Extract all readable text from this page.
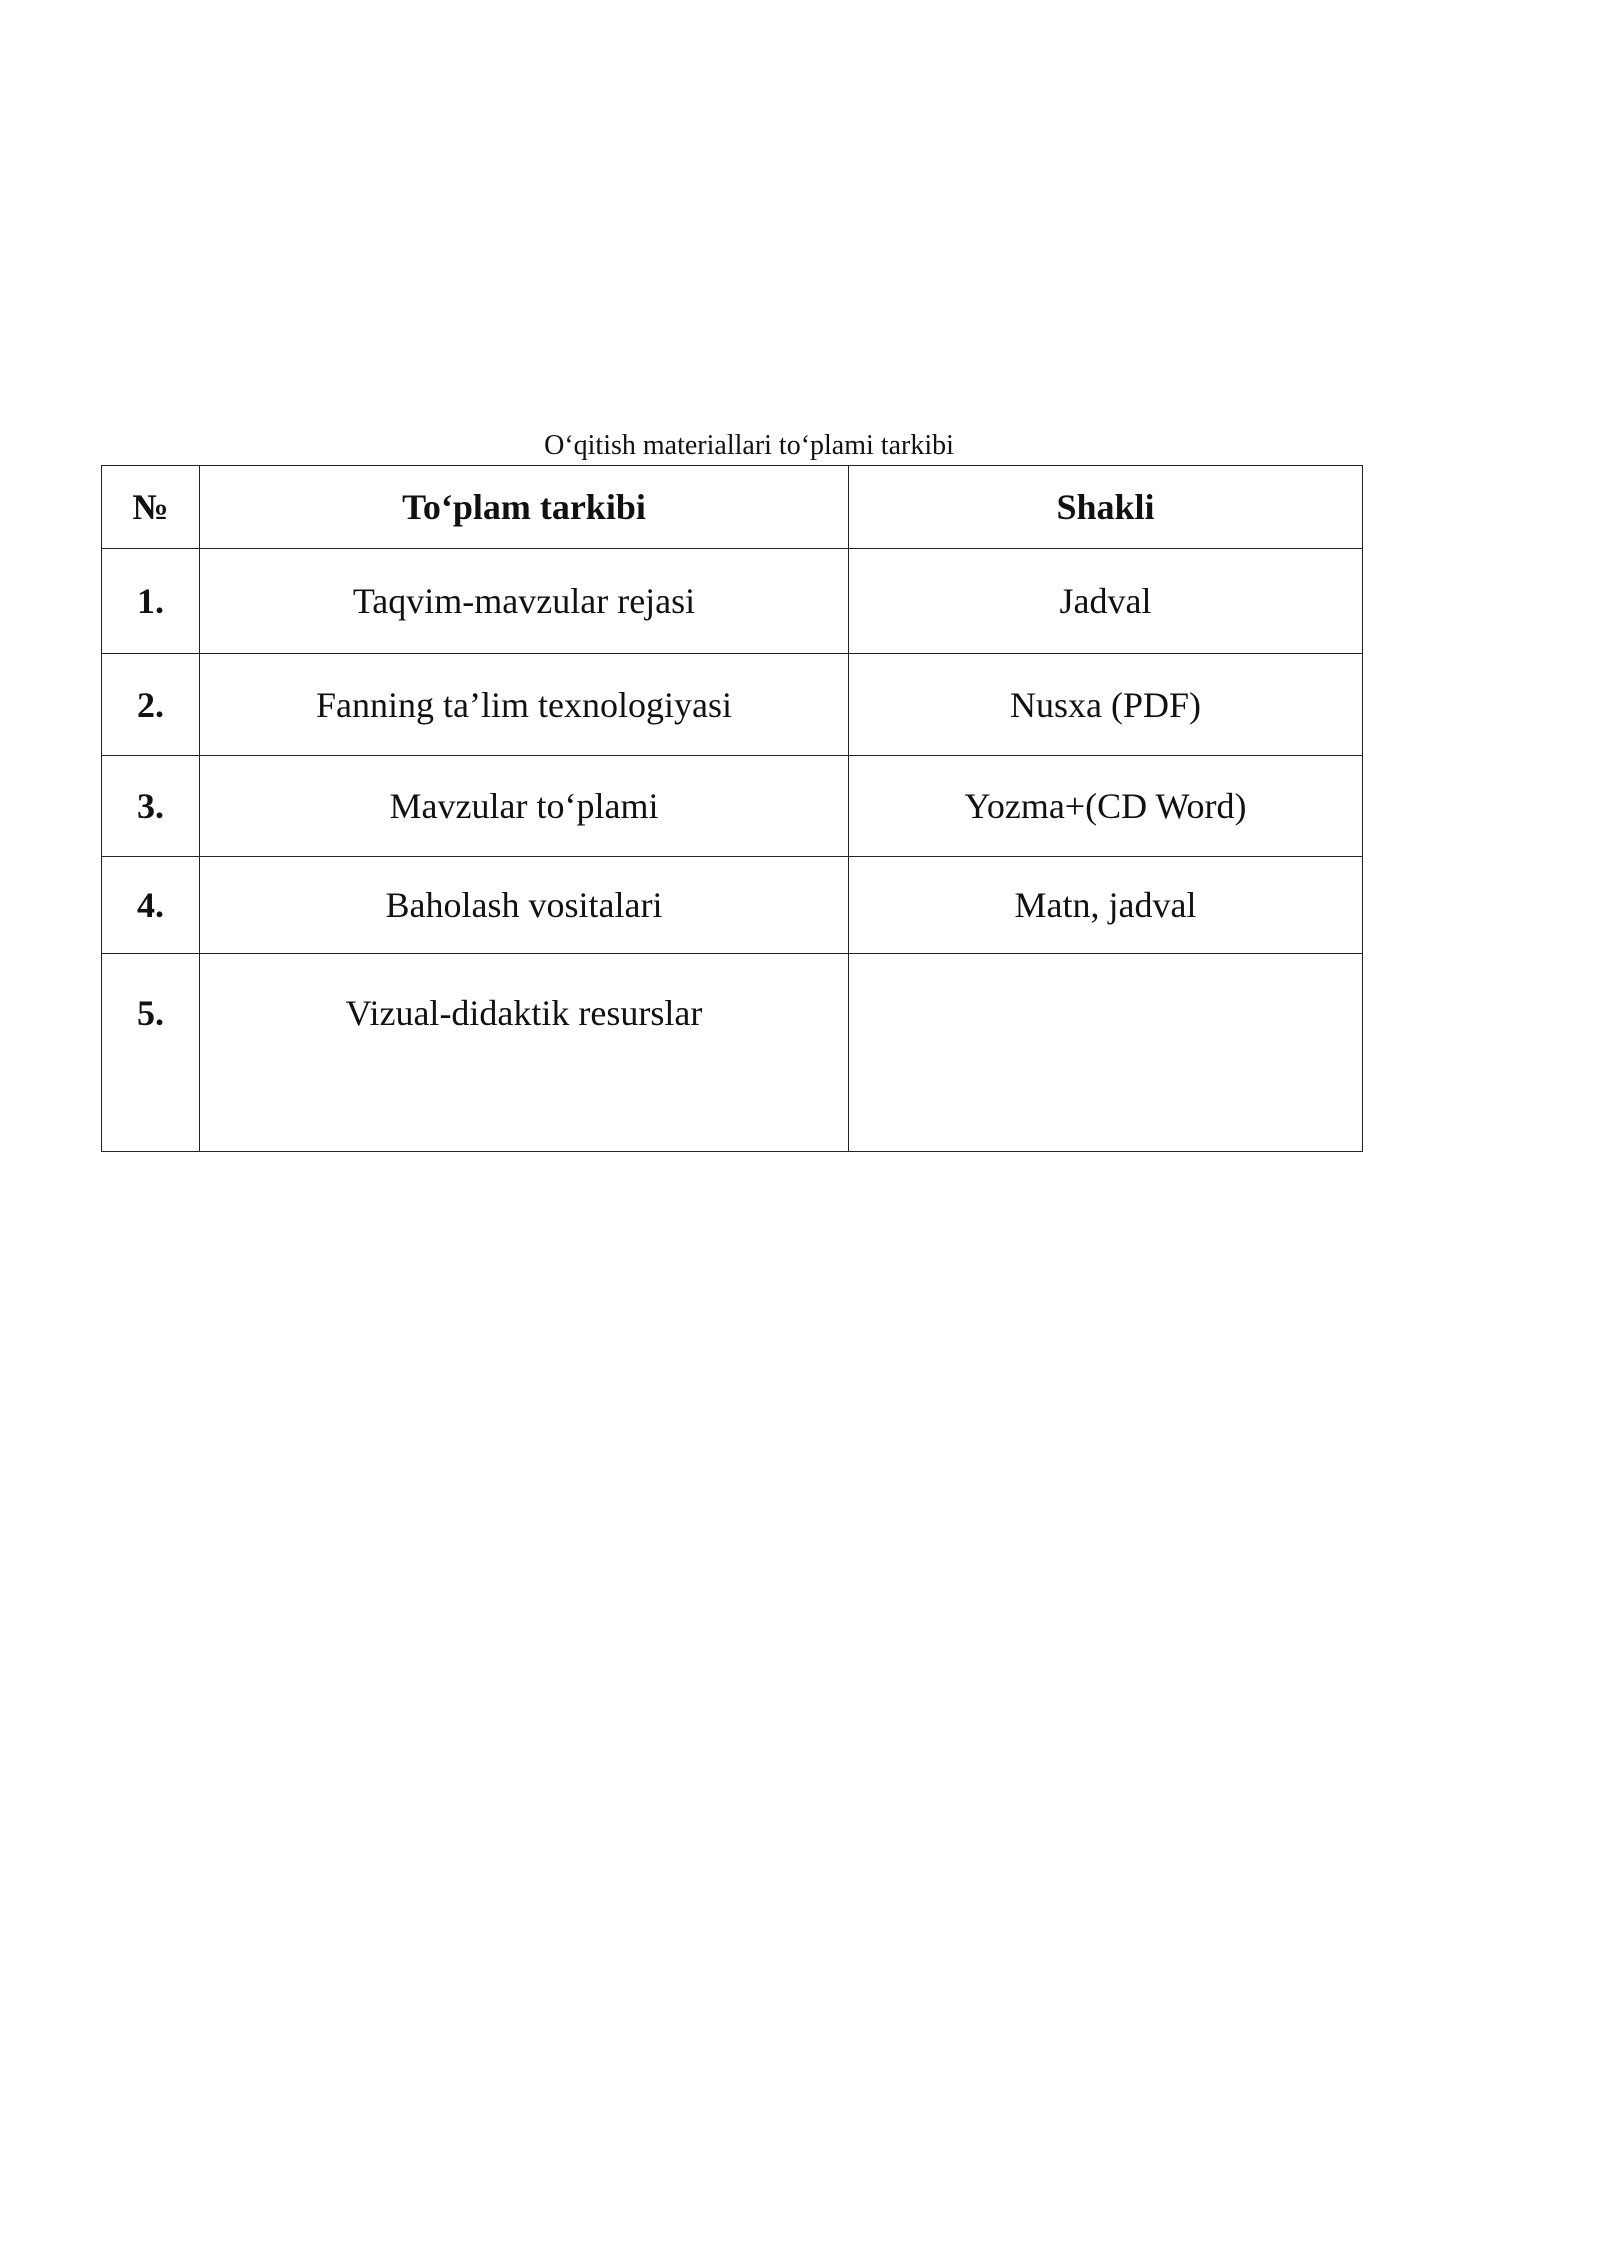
O‘qitish materiallari to‘plami tarkibi
№	To‘plam tarkibi	Shakli
1.	Taqvim-mavzular rejasi	Jadval
2.	Fanning ta’lim texnologiyasi	Nusxa (PDF)
3.	Mavzular to‘plami	Yozma+(CD Word)
4.	Baholash vositalari	Matn, jadval
5.	Vizual-didaktik resurslar	
